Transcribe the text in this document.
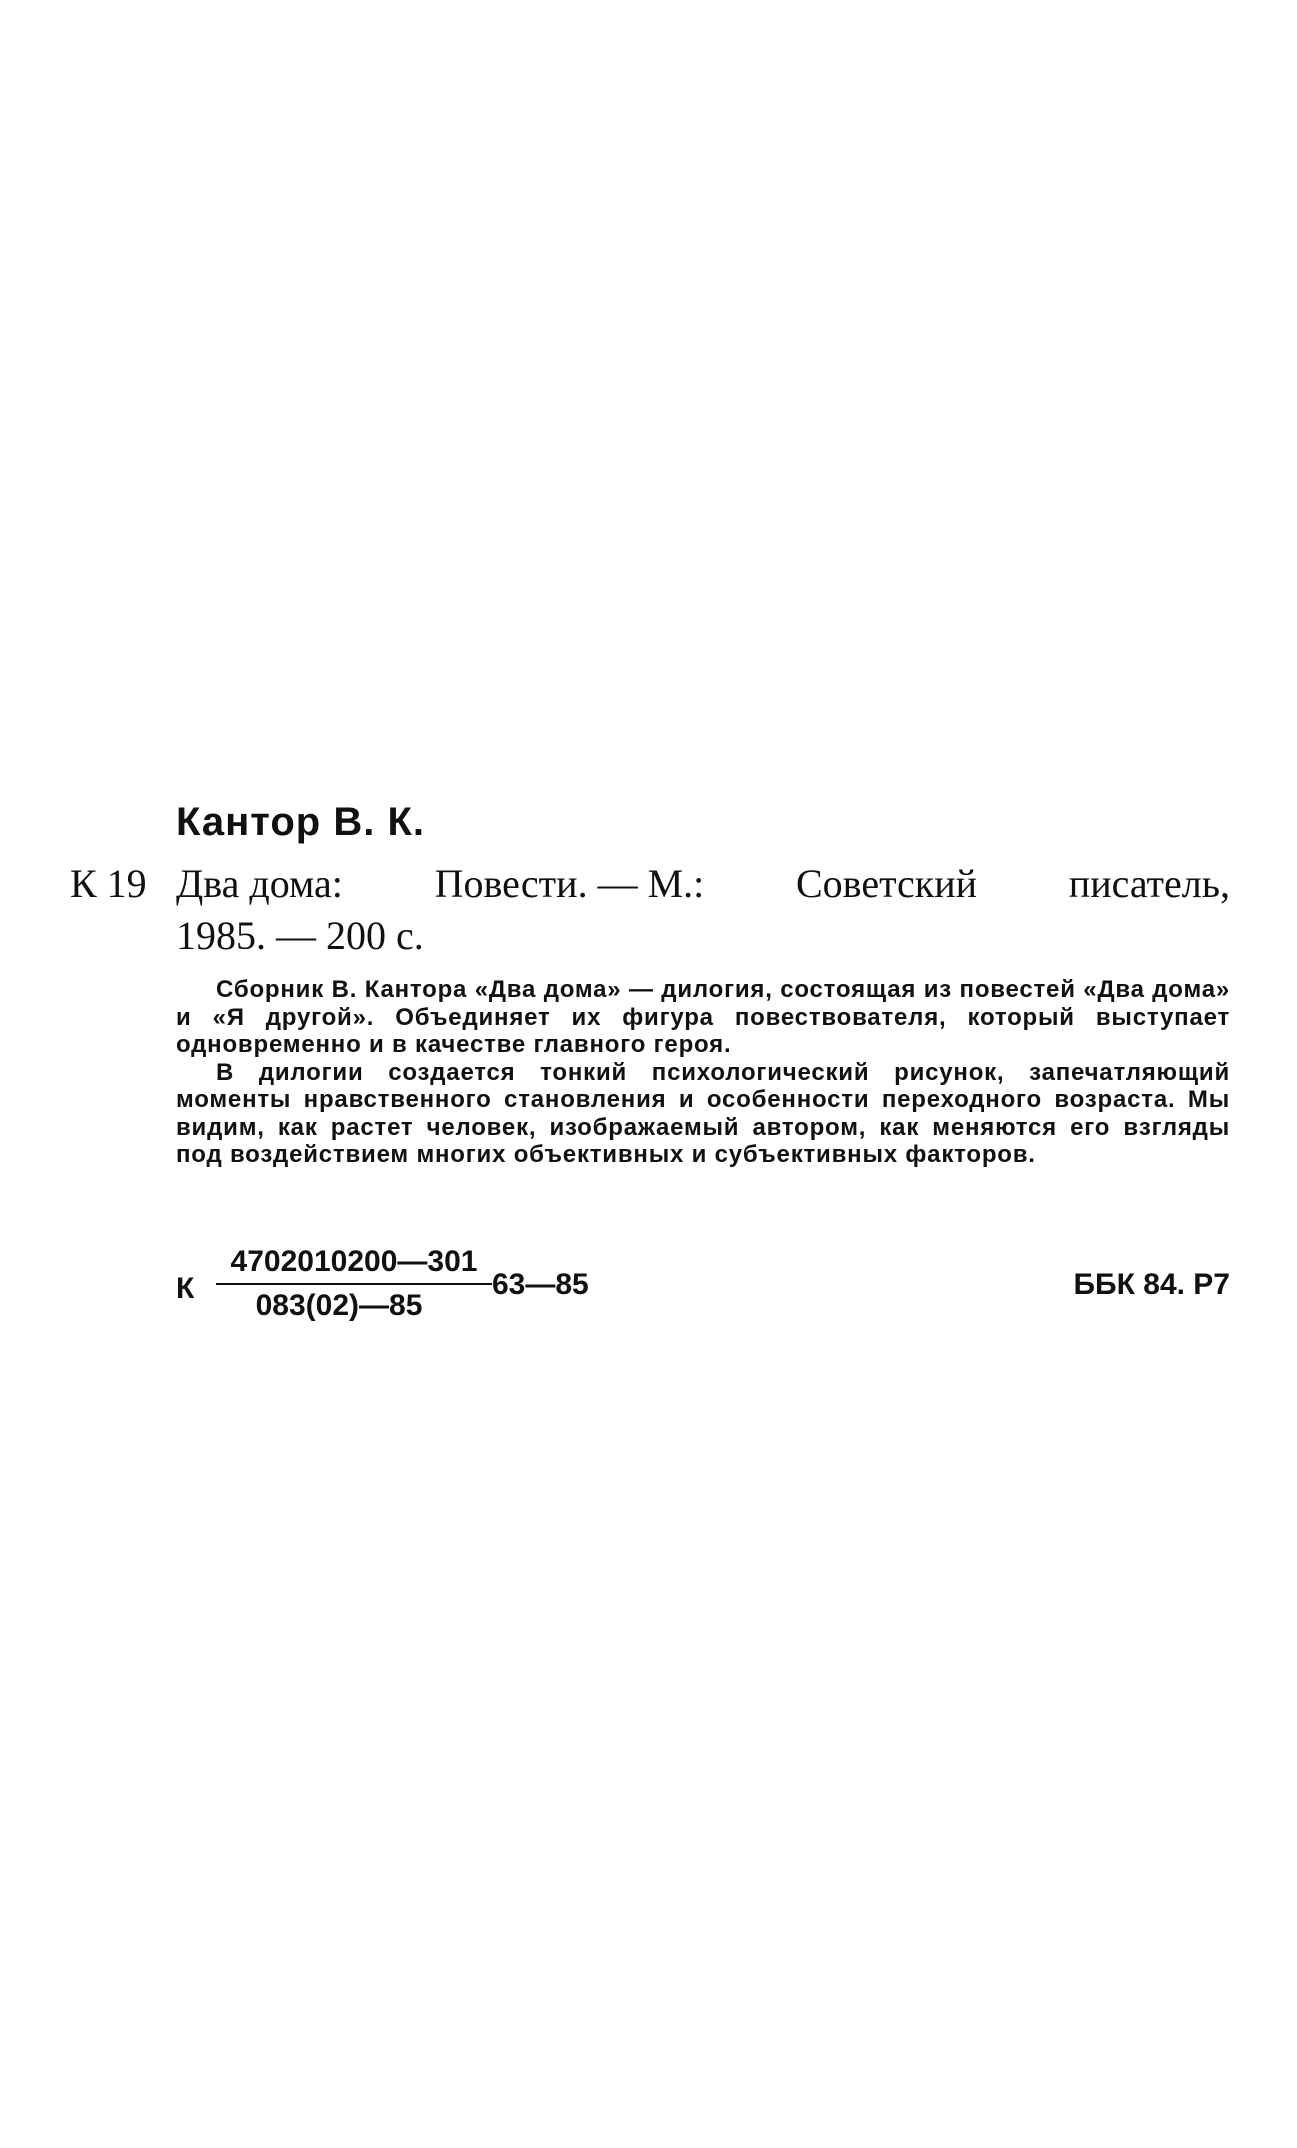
Кантор В. К.
К 19 Два дома: Повести. — М.: Советский писатель,
1985. — 200 с.

Сборник В. Кантора «Два дома» — дилогия, состоящая из повестей «Два дома» и «Я другой». Объединяет их фигура повествователя, который выступает одновременно и в качестве главного героя.

В дилогии создается тонкий психологический рисунок, запечатляющий моменты нравственного становления и особенности переходного возраста. Мы видим, как растет человек, изображаемый автором, как меняются его взгляды под воздействием многих объективных и субъективных факторов.

К $\frac{4702010200—301}{083(02)—85}$ 63—85	ББК 84. Р7
